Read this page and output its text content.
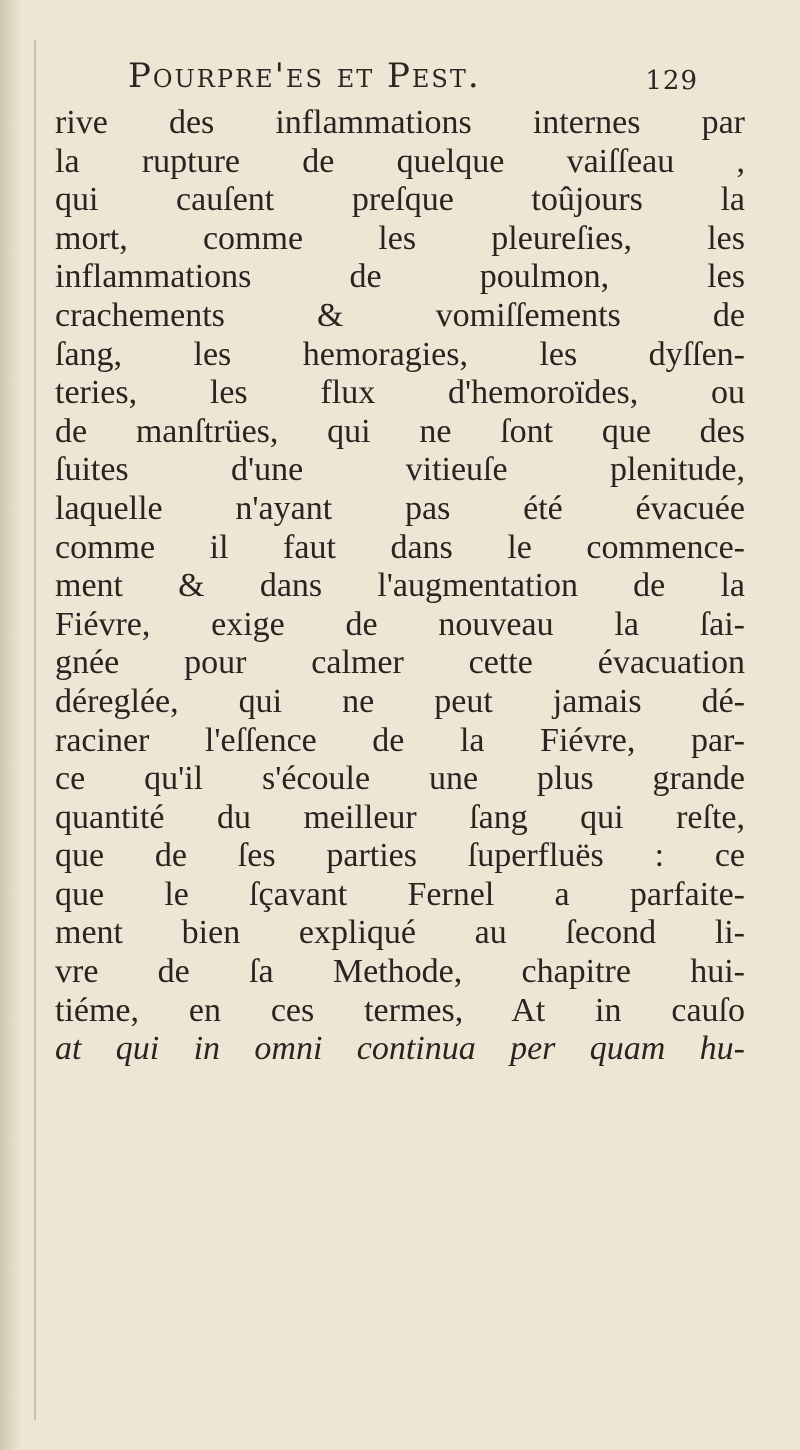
Pourpre'es et Pest.	129
rive des inflammations internes par
la rupture de quelque vaiſſeau ,
qui cauſent preſque toûjours la
mort, comme les pleureſies, les
inflammations de poulmon, les
crachements & vomiſſements de
ſang, les hemoragies, les dyſſen-
teries, les flux d'hemoroïdes, ou
de manſtrües, qui ne ſont que des
ſuites d'une vitieuſe plenitude,
laquelle n'ayant pas été évacuée
comme il faut dans le commence-
ment & dans l'augmentation de la
Fiévre, exige de nouveau la ſai-
gnée pour calmer cette évacuation
déreglée, qui ne peut jamais dé-
raciner l'eſſence de la Fiévre, par-
ce qu'il s'écoule une plus grande
quantité du meilleur ſang qui reſte,
que de ſes parties ſuperfluës : ce
que le ſçavant Fernel a parfaite-
ment bien expliqué au ſecond li-
vre de ſa Methode, chapitre hui-
tiéme, en ces termes, At in cauſo
at qui in omni continua per quam hu-
